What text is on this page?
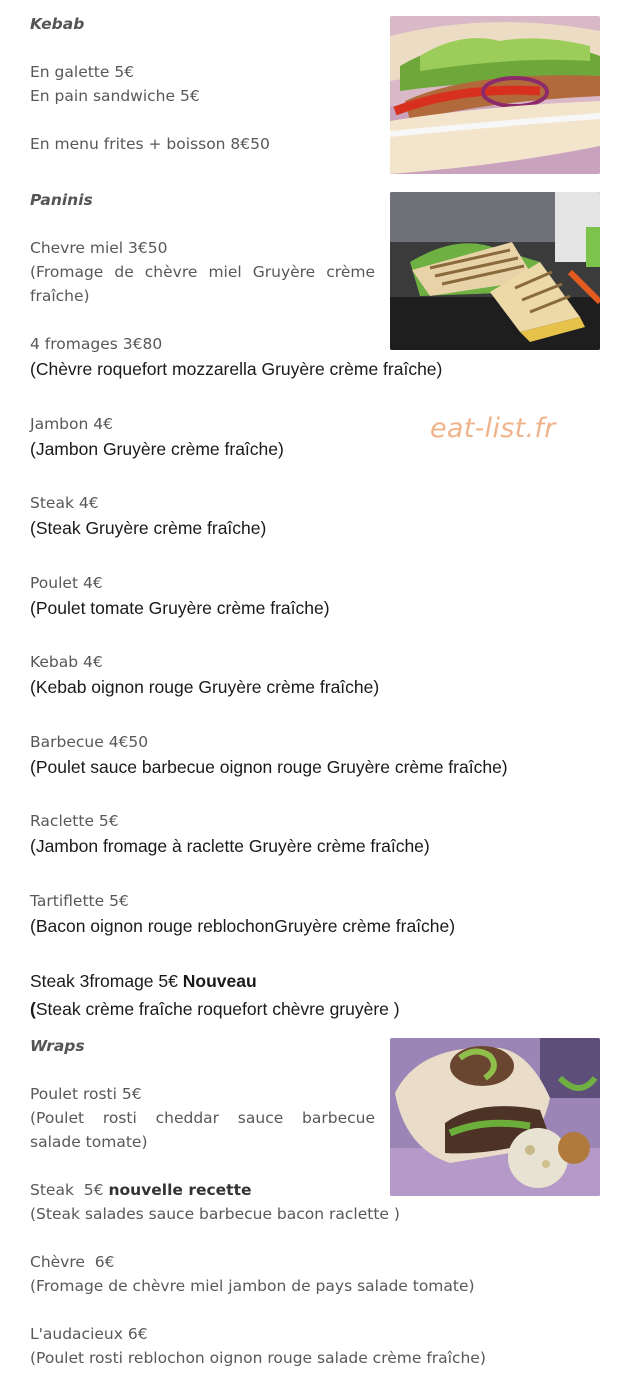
Kebab
En galette 5€
En pain sandwiche 5€
En menu frites + boisson 8€50
Paninis
Chevre miel 3€50
(Fromage de chèvre miel Gruyère crème fraîche)
4 fromages 3€80
(Chèvre roquefort mozzarella Gruyère crème fraîche)
Jambon 4€
(Jambon Gruyère crème fraîche)
Steak 4€
(Steak Gruyère crème fraîche)
Poulet 4€
(Poulet tomate Gruyère crème fraîche)
Kebab 4€
(Kebab oignon rouge Gruyère crème fraîche)
Barbecue 4€50
(Poulet sauce barbecue oignon rouge Gruyère crème fraîche)
Raclette 5€
(Jambon fromage à raclette Gruyère crème fraîche)
Tartiflette 5€
(Bacon oignon rouge reblochonGruyère crème fraîche)
Steak 3fromage 5€ Nouveau
(Steak crème fraîche roquefort chèvre gruyère )
Wraps
Poulet rosti 5€
(Poulet rosti cheddar sauce barbecue salade tomate)
Steak  5€ nouvelle recette
(Steak salades sauce barbecue bacon raclette )
Chèvre  6€
(Fromage de chèvre miel jambon de pays salade tomate)
L'audacieux 6€
(Poulet rosti reblochon oignon rouge salade crème fraîche)
eat-list.fr
